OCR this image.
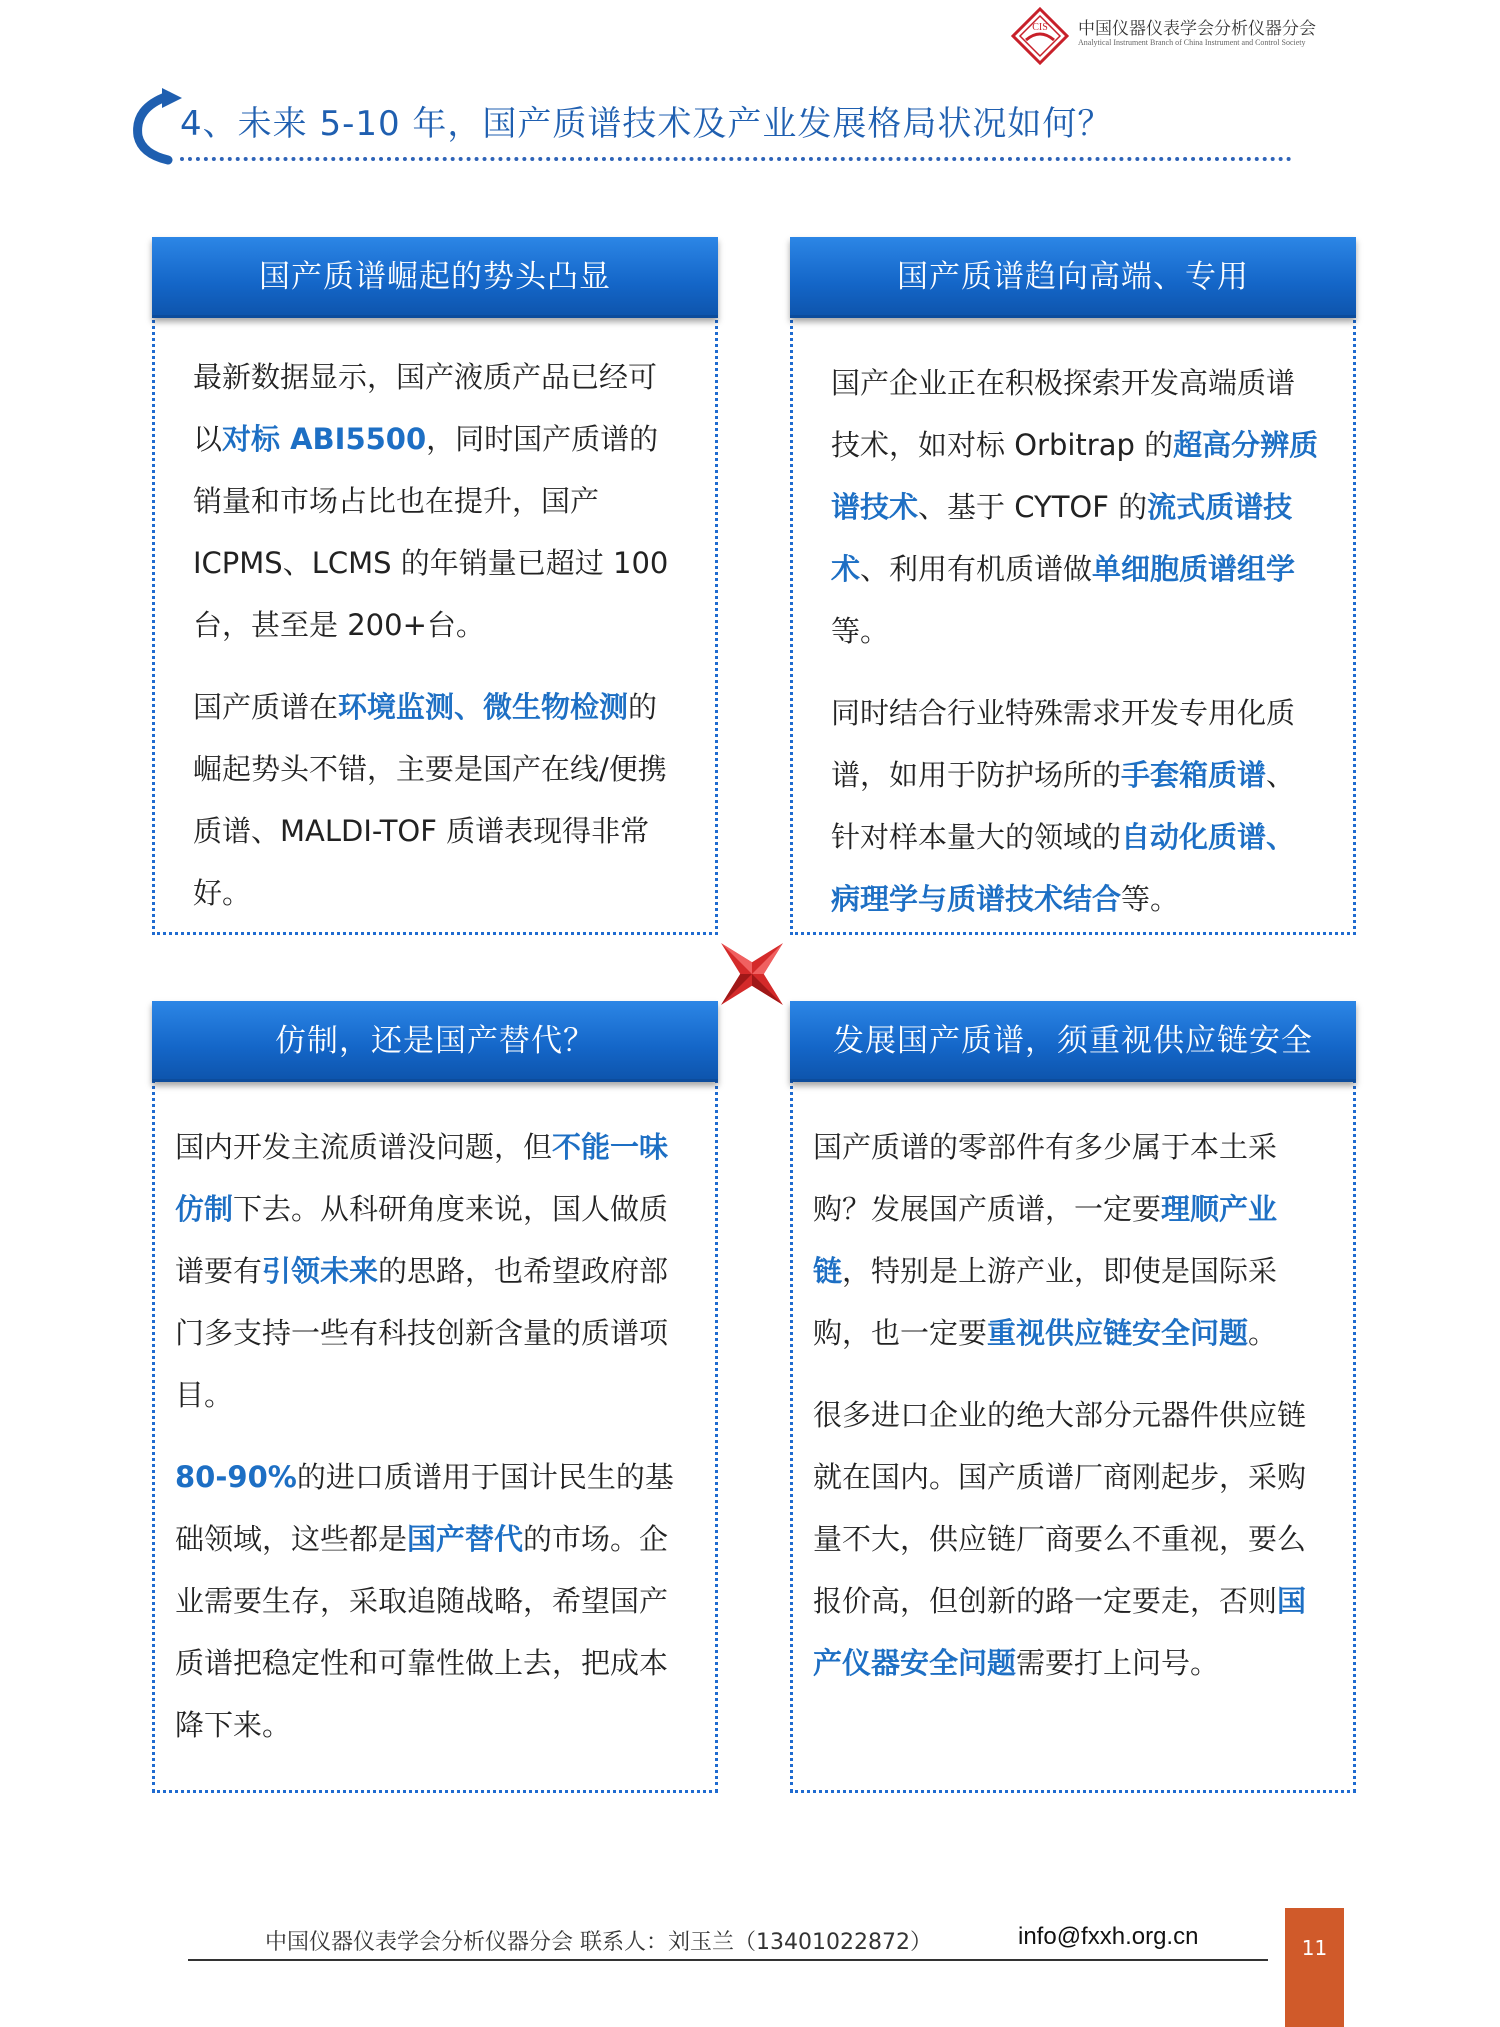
CIS 中国仪器仪表学会分析仪器分会
Analytical Instrument Branch of China Instrument and Control Society
4、未来 5-10 年，国产质谱技术及产业发展格局状况如何？
国产质谱崛起的势头凸显

最新数据显示，国产液质产品已经可以对标 ABI5500，同时国产质谱的销量和市场占比也在提升，国产 ICPMS、LCMS 的年销量已超过 100 台，甚至是 200+台。

国产质谱在环境监测、微生物检测的崛起势头不错，主要是国产在线/便携质谱、MALDI-TOF 质谱表现得非常好。

国产质谱趋向高端、专用

国产企业正在积极探索开发高端质谱技术，如对标 Orbitrap 的超高分辨质谱技术、基于 CYTOF 的流式质谱技术、利用有机质谱做单细胞质谱组学等。

同时结合行业特殊需求开发专用化质谱，如用于防护场所的手套箱质谱、针对样本量大的领域的自动化质谱、病理学与质谱技术结合等。

仿制，还是国产替代？

国内开发主流质谱没问题，但不能一味仿制下去。从科研角度来说，国人做质谱要有引领未来的思路，也希望政府部门多支持一些有科技创新含量的质谱项目。

80-90%的进口质谱用于国计民生的基础领域，这些都是国产替代的市场。企业需要生存，采取追随战略，希望国产质谱把稳定性和可靠性做上去，把成本降下来。

发展国产质谱，须重视供应链安全

国产质谱的零部件有多少属于本土采购？发展国产质谱，一定要理顺产业链，特别是上游产业，即使是国际采购，也一定要重视供应链安全问题。

很多进口企业的绝大部分元器件供应链就在国内。国产质谱厂商刚起步，采购量不大，供应链厂商要么不重视，要么报价高，但创新的路一定要走，否则国产仪器安全问题需要打上问号。

中国仪器仪表学会分析仪器分会 联系人：刘玉兰（13401022872）	info@fxxh.org.cn	11
